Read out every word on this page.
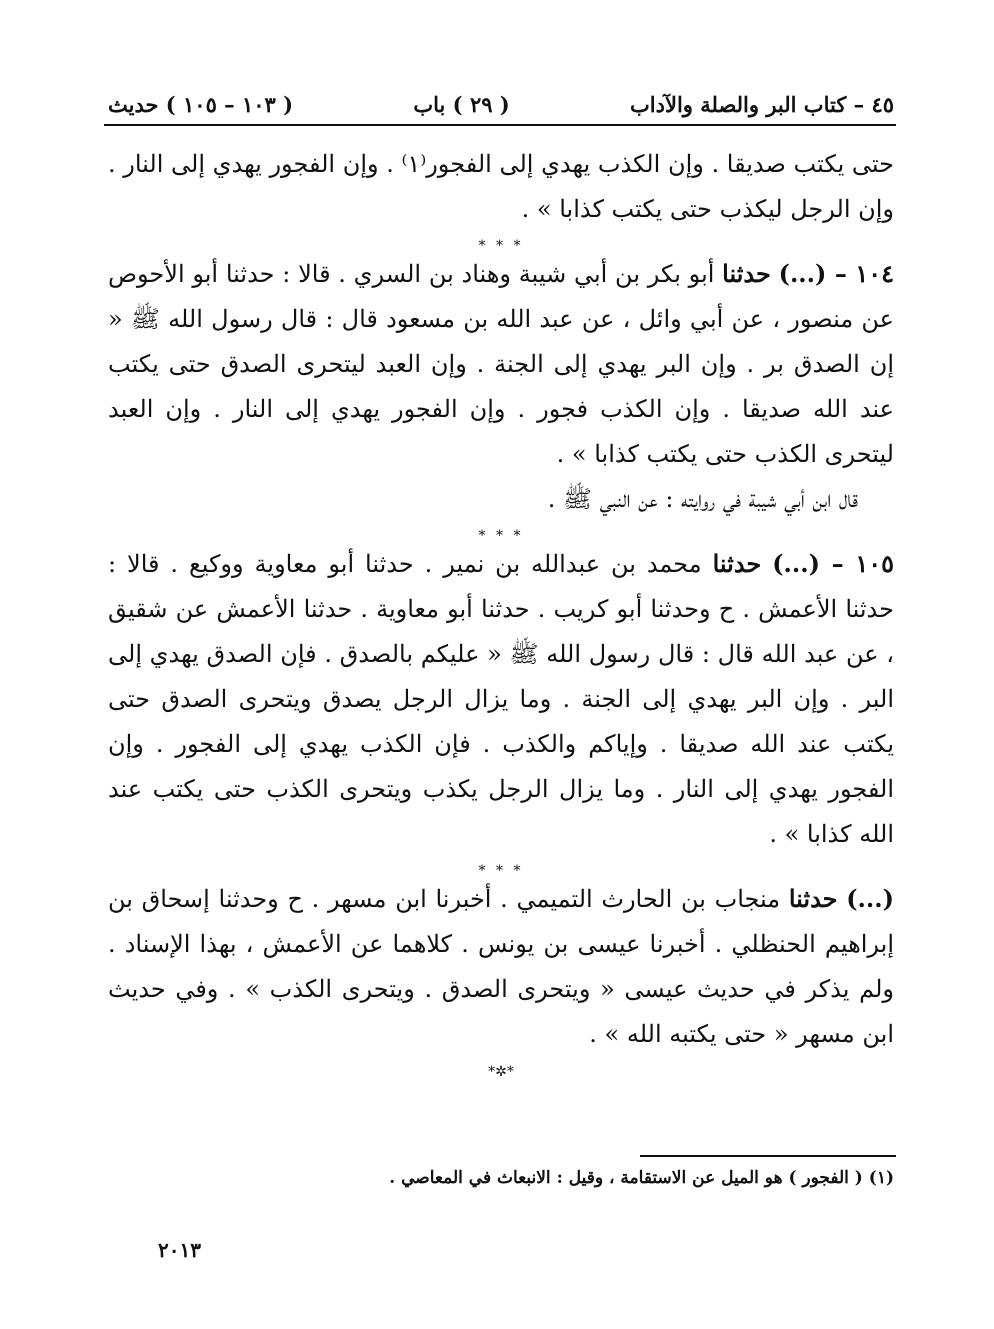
٤٥ – كتاب البر والصلة والآداب
( ٢٩ ) باب
( ١٠٣ – ١٠٥ ) حديث

حتى يكتب صديقا . وإن الكذب يهدي إلى الفجور⁽١⁾ . وإن الفجور يهدي إلى النار . وإن الرجل ليكذب حتى يكتب كذابا » .

* * *

١٠٤ – (...) حدثنا أبو بكر بن أبي شيبة وهناد بن السري . قالا : حدثنا أبو الأحوص عن منصور ، عن أبي وائل ، عن عبد الله بن مسعود قال : قال رسول الله ﷺ « إن الصدق بر . وإن البر يهدي إلى الجنة . وإن العبد ليتحرى الصدق حتى يكتب عند الله صديقا . وإن الكذب فجور . وإن الفجور يهدي إلى النار . وإن العبد ليتحرى الكذب حتى يكتب كذابا » .

قال ابن أبي شيبة في روايته : عن النبي ﷺ .

* * *

١٠٥ – (...) حدثنا محمد بن عبدالله بن نمير . حدثنا أبو معاوية ووكيع . قالا : حدثنا الأعمش . ح وحدثنا أبو كريب . حدثنا أبو معاوية . حدثنا الأعمش عن شقيق ، عن عبد الله قال : قال رسول الله ﷺ « عليكم بالصدق . فإن الصدق يهدي إلى البر . وإن البر يهدي إلى الجنة . وما يزال الرجل يصدق ويتحرى الصدق حتى يكتب عند الله صديقا . وإياكم والكذب . فإن الكذب يهدي إلى الفجور . وإن الفجور يهدي إلى النار . وما يزال الرجل يكذب ويتحرى الكذب حتى يكتب عند الله كذابا » .

* * *

(...) حدثنا منجاب بن الحارث التميمي . أخبرنا ابن مسهر . ح وحدثنا إسحاق بن إبراهيم الحنظلي . أخبرنا عيسى بن يونس . كلاهما عن الأعمش ، بهذا الإسناد . ولم يذكر في حديث عيسى « ويتحرى الصدق . ويتحرى الكذب » . وفي حديث ابن مسهر « حتى يكتبه الله » .

*✲*
(١) ( الفجور ) هو الميل عن الاستقامة ، وقيل : الانبعاث في المعاصي .
٢٠١٣
